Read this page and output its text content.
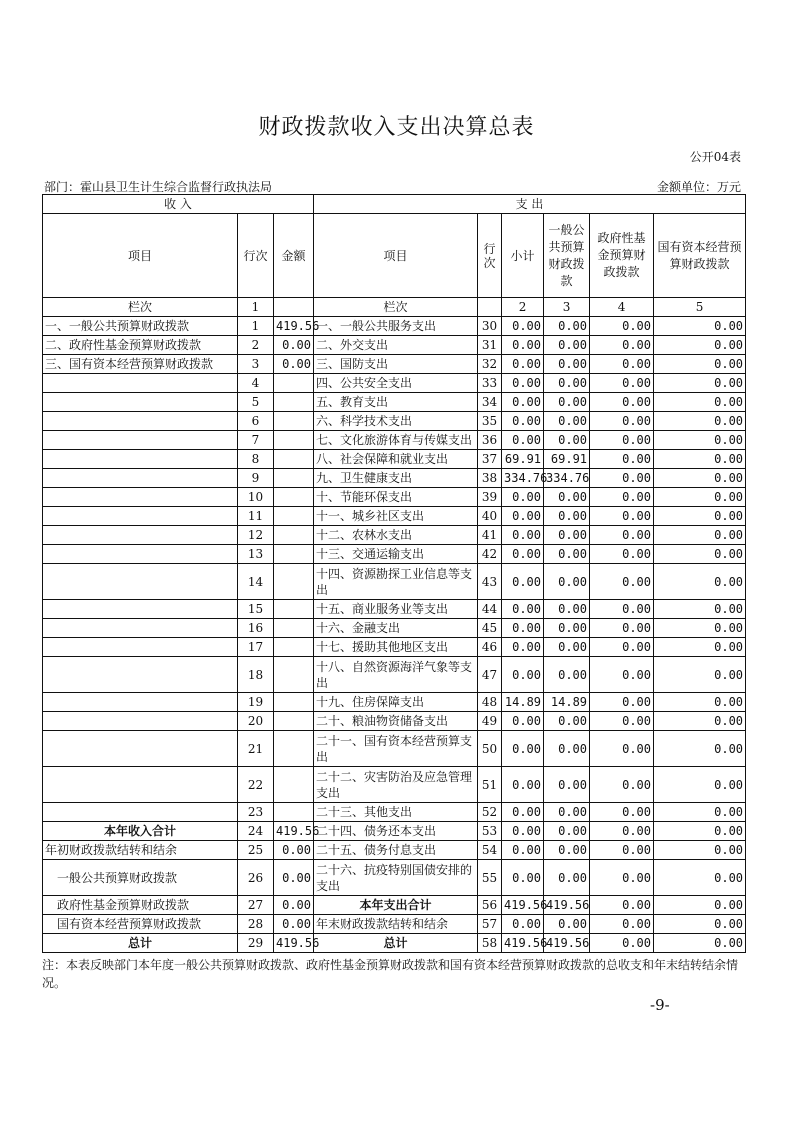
财政拨款收入支出决算总表
公开04表
部门：霍山县卫生计生综合监督行政执法局	金额单位：万元
收 入			支 出					
项目	行次	金额	项目	行次	小计	一般公共预算财政拨款	政府性基金预算财政拨款	国有资本经营预算财政拨款
栏次	1		栏次		2	3	4	5
一、一般公共预算财政拨款	1	419.56	一、一般公共服务支出	30	0.00	0.00	0.00	0.00
二、政府性基金预算财政拨款	2	0.00	二、外交支出	31	0.00	0.00	0.00	0.00
三、国有资本经营预算财政拨款	3	0.00	三、国防支出	32	0.00	0.00	0.00	0.00
	4		四、公共安全支出	33	0.00	0.00	0.00	0.00
	5		五、教育支出	34	0.00	0.00	0.00	0.00
	6		六、科学技术支出	35	0.00	0.00	0.00	0.00
	7		七、文化旅游体育与传媒支出	36	0.00	0.00	0.00	0.00
	8		八、社会保障和就业支出	37	69.91	69.91	0.00	0.00
	9		九、卫生健康支出	38	334.76	334.76	0.00	0.00
	10		十、节能环保支出	39	0.00	0.00	0.00	0.00
	11		十一、城乡社区支出	40	0.00	0.00	0.00	0.00
	12		十二、农林水支出	41	0.00	0.00	0.00	0.00
	13		十三、交通运输支出	42	0.00	0.00	0.00	0.00
	14		十四、资源勘探工业信息等支出	43	0.00	0.00	0.00	0.00
	15		十五、商业服务业等支出	44	0.00	0.00	0.00	0.00
	16		十六、金融支出	45	0.00	0.00	0.00	0.00
	17		十七、援助其他地区支出	46	0.00	0.00	0.00	0.00
	18		十八、自然资源海洋气象等支出	47	0.00	0.00	0.00	0.00
	19		十九、住房保障支出	48	14.89	14.89	0.00	0.00
	20		二十、粮油物资储备支出	49	0.00	0.00	0.00	0.00
	21		二十一、国有资本经营预算支出	50	0.00	0.00	0.00	0.00
	22		二十二、灾害防治及应急管理支出	51	0.00	0.00	0.00	0.00
	23		二十三、其他支出	52	0.00	0.00	0.00	0.00
本年收入合计	24	419.56	二十四、债务还本支出	53	0.00	0.00	0.00	0.00
年初财政拨款结转和结余	25	0.00	二十五、债务付息支出	54	0.00	0.00	0.00	0.00
一般公共预算财政拨款	26	0.00	二十六、抗疫特别国债安排的支出	55	0.00	0.00	0.00	0.00
政府性基金预算财政拨款	27	0.00	本年支出合计	56	419.56	419.56	0.00	0.00
国有资本经营预算财政拨款	28	0.00	年末财政拨款结转和结余	57	0.00	0.00	0.00	0.00
总计	29	419.56	总计	58	419.56	419.56	0.00	0.00
注：本表反映部门本年度一般公共预算财政拨款、政府性基金预算财政拨款和国有资本经营预算财政拨款的总收支和年末结转结余情况。
-9-
